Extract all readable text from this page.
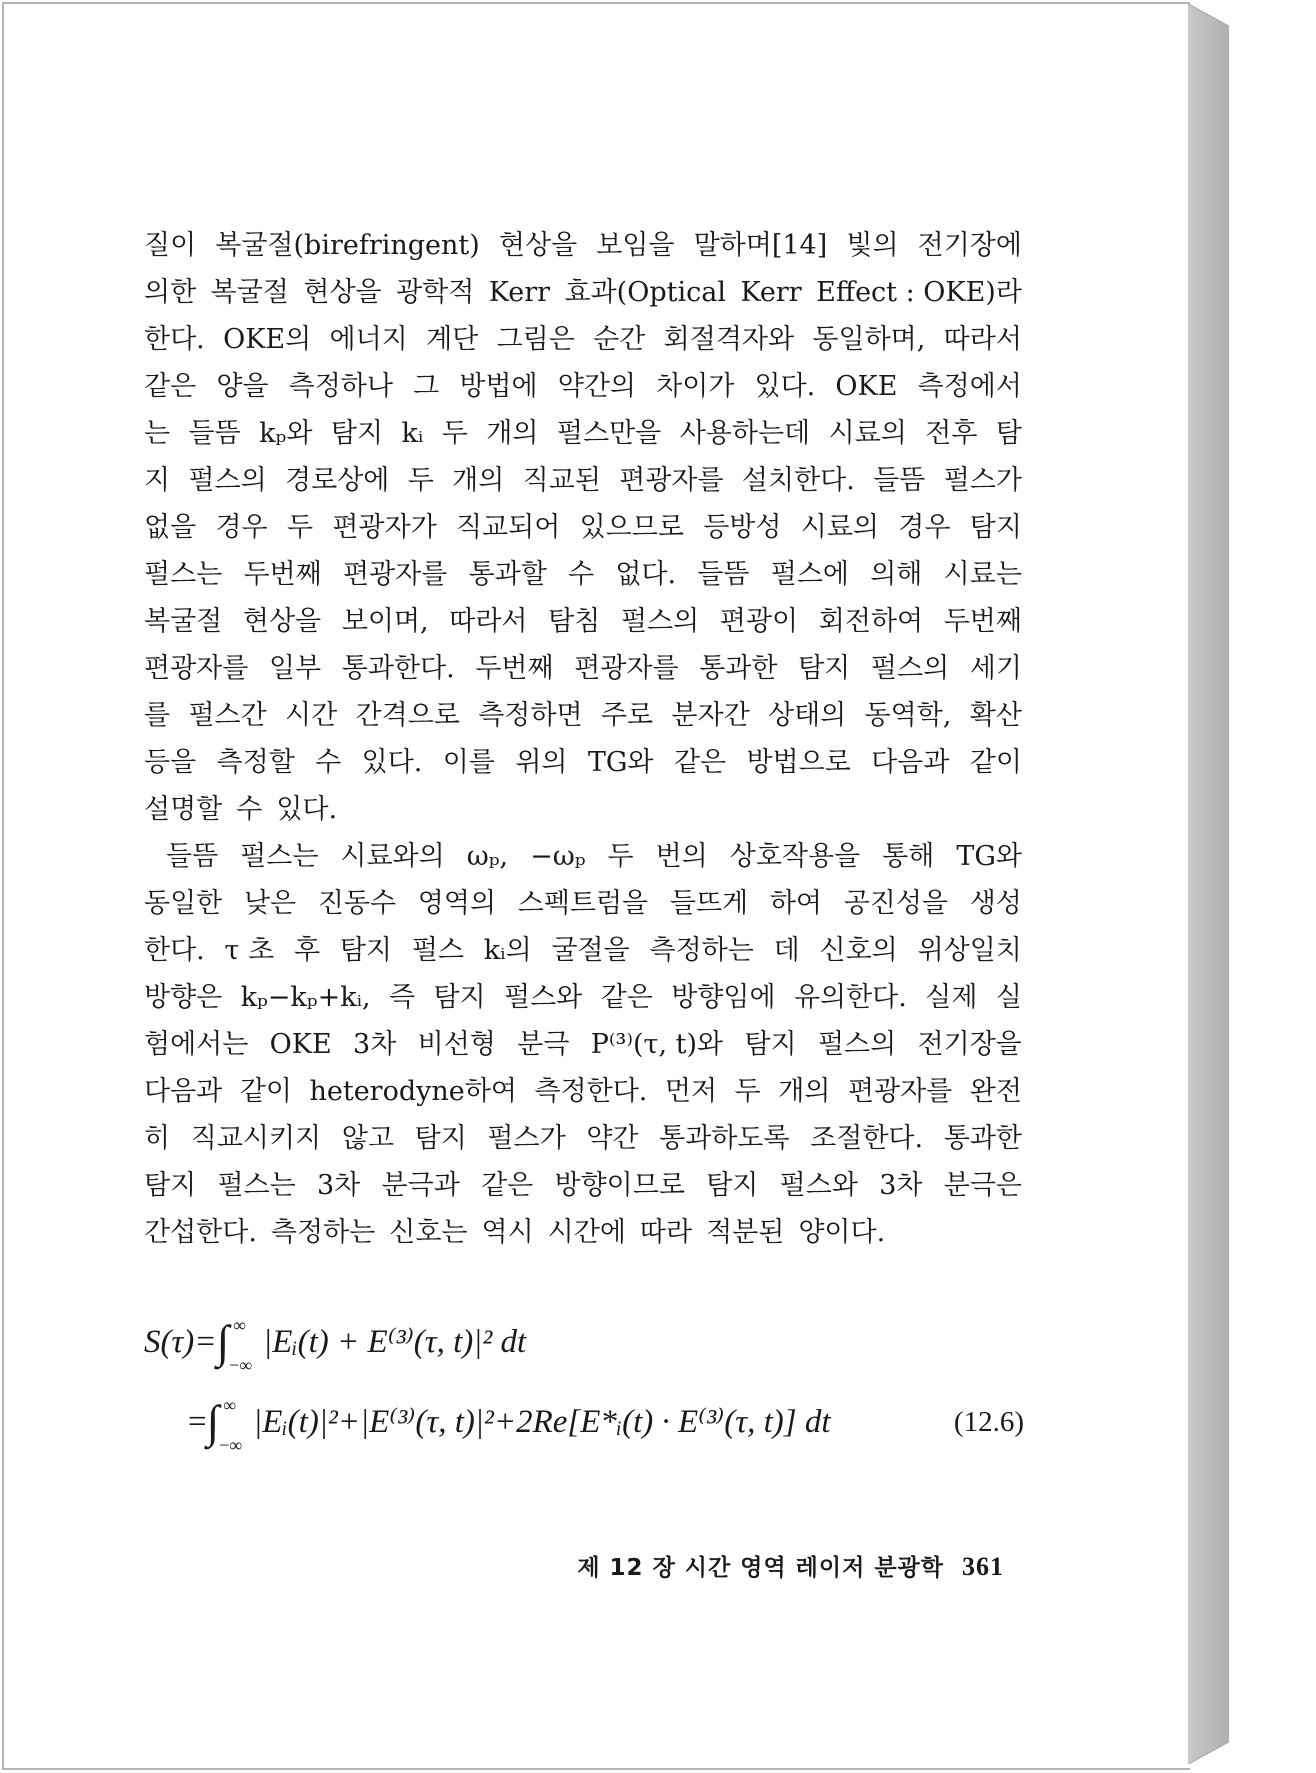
질이 복굴절(birefringent) 현상을 보임을 말하며[14] 빛의 전기장에
의한 복굴절 현상을 광학적 Kerr 효과(Optical Kerr Effect : OKE)라
한다. OKE의 에너지 계단 그림은 순간 회절격자와 동일하며, 따라서
같은 양을 측정하나 그 방법에 약간의 차이가 있다. OKE 측정에서
는 들뜸 kₚ와 탐지 kᵢ 두 개의 펄스만을 사용하는데 시료의 전후 탐
지 펄스의 경로상에 두 개의 직교된 편광자를 설치한다. 들뜸 펄스가
없을 경우 두 편광자가 직교되어 있으므로 등방성 시료의 경우 탐지
펄스는 두번째 편광자를 통과할 수 없다. 들뜸 펄스에 의해 시료는
복굴절 현상을 보이며, 따라서 탐침 펄스의 편광이 회전하여 두번째
편광자를 일부 통과한다. 두번째 편광자를 통과한 탐지 펄스의 세기
를 펄스간 시간 간격으로 측정하면 주로 분자간 상태의 동역학, 확산
등을 측정할 수 있다. 이를 위의 TG와 같은 방법으로 다음과 같이
설명할 수 있다.
들뜸 펄스는 시료와의 ωₚ, −ωₚ 두 번의 상호작용을 통해 TG와
동일한 낮은 진동수 영역의 스펙트럼을 들뜨게 하여 공진성을 생성
한다. τ 초 후 탐지 펄스 kᵢ의 굴절을 측정하는 데 신호의 위상일치
방향은 kₚ−kₚ+kᵢ, 즉 탐지 펄스와 같은 방향임에 유의한다. 실제 실
험에서는 OKE 3차 비선형 분극 P⁽³⁾(τ, t)와 탐지 펄스의 전기장을
다음과 같이 heterodyne하여 측정한다. 먼저 두 개의 편광자를 완전
히 직교시키지 않고 탐지 펄스가 약간 통과하도록 조절한다. 통과한
탐지 펄스는 3차 분극과 같은 방향이므로 탐지 펄스와 3차 분극은
간섭한다. 측정하는 신호는 역시 시간에 따라 적분된 양이다.
S(τ)=∫ ∞
−∞
|Eᵢ(t) + E⁽³⁾(τ, t)|² dt
=∫ ∞
−∞
|Eᵢ(t)|²+|E⁽³⁾(τ, t)|²+2Re[E*ᵢ(t) · E⁽³⁾(τ, t)] dt	(12.6)
제 12 장 시간 영역 레이저 분광학 361
